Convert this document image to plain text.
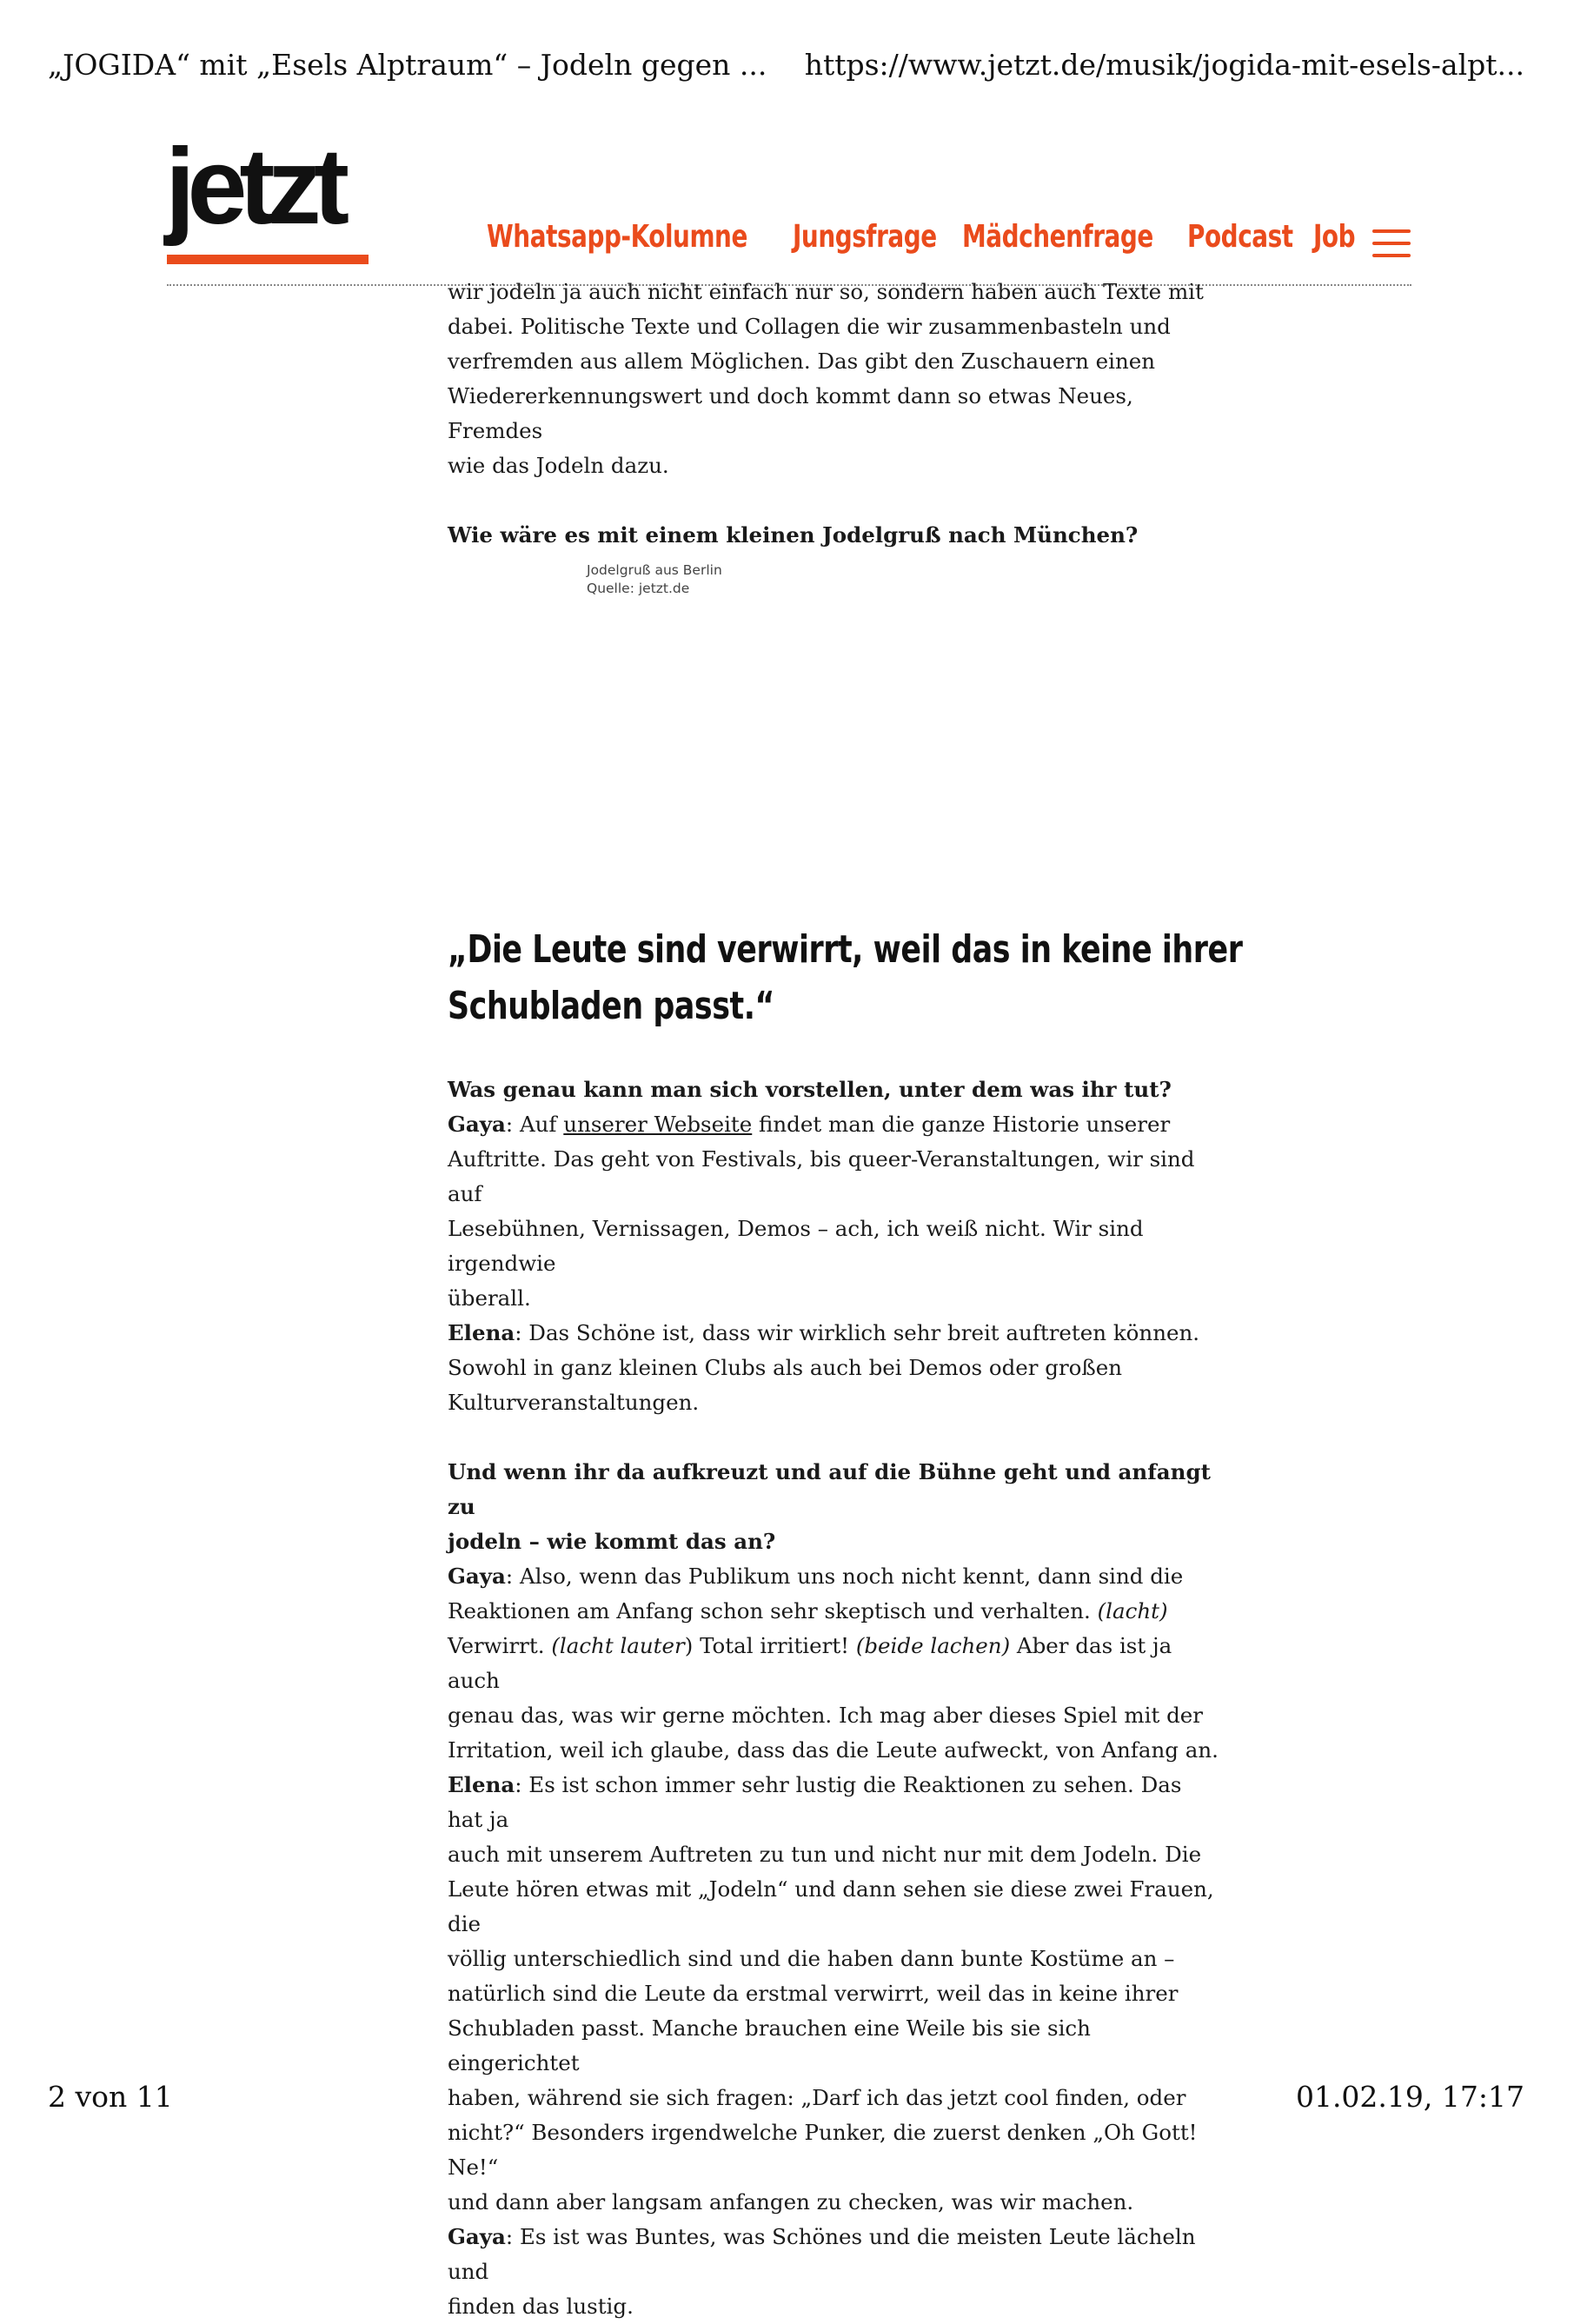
„JOGIDA“ mit „Esels Alptraum“ – Jodeln gegen ... https://www.jetzt.de/musik/jogida-mit-esels-alpt...
jetzt	Whatsapp-Kolumne Jungsfrage Mädchenfrage Podcast Job

wir jodeln ja auch nicht einfach nur so, sondern haben auch Texte mit

dabei. Politische Texte und Collagen die wir zusammenbasteln und

verfremden aus allem Möglichen. Das gibt den Zuschauern einen

Wiedererkennungswert und doch kommt dann so etwas Neues, Fremdes

wie das Jodeln dazu.

Wie wäre es mit einem kleinen Jodelgruß nach München?

Jodelgruß aus Berlin
Quelle: jetzt.de
„Die Leute sind verwirrt, weil das in keine ihrer
Schubladen passt.“

Was genau kann man sich vorstellen, unter dem was ihr tut?

Gaya: Auf unserer Webseite findet man die ganze Historie unserer

Auftritte. Das geht von Festivals, bis queer-Veranstaltungen, wir sind auf

Lesebühnen, Vernissagen, Demos – ach, ich weiß nicht. Wir sind irgendwie

überall.

Elena: Das Schöne ist, dass wir wirklich sehr breit auftreten können.

Sowohl in ganz kleinen Clubs als auch bei Demos oder großen

Kulturveranstaltungen.

Und wenn ihr da aufkreuzt und auf die Bühne geht und anfangt zu

jodeln – wie kommt das an?

Gaya: Also, wenn das Publikum uns noch nicht kennt, dann sind die

Reaktionen am Anfang schon sehr skeptisch und verhalten. (lacht)

Verwirrt. (lacht lauter) Total irritiert! (beide lachen) Aber das ist ja auch

genau das, was wir gerne möchten. Ich mag aber dieses Spiel mit der

Irritation, weil ich glaube, dass das die Leute aufweckt, von Anfang an.

Elena: Es ist schon immer sehr lustig die Reaktionen zu sehen. Das hat ja

auch mit unserem Auftreten zu tun und nicht nur mit dem Jodeln. Die

Leute hören etwas mit „Jodeln“ und dann sehen sie diese zwei Frauen, die

völlig unterschiedlich sind und die haben dann bunte Kostüme an –

natürlich sind die Leute da erstmal verwirrt, weil das in keine ihrer

Schubladen passt. Manche brauchen eine Weile bis sie sich eingerichtet

haben, während sie sich fragen: „Darf ich das jetzt cool finden, oder

nicht?“ Besonders irgendwelche Punker, die zuerst denken „Oh Gott! Ne!“

und dann aber langsam anfangen zu checken, was wir machen.

Gaya: Es ist was Buntes, was Schönes und die meisten Leute lächeln und

finden das lustig.

2 von 11	01.02.19, 17:17
